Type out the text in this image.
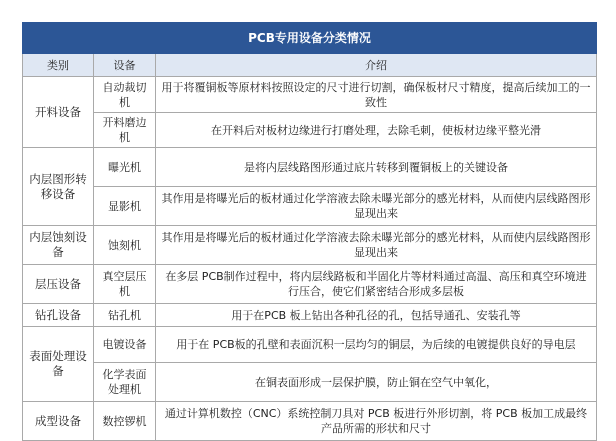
PCB专用设备分类情况		
类别	设备	介绍
开料设备	自动裁切机	用于将覆铜板等原材料按照设定的尺寸进行切割，确保板材尺寸精度，提高后续加工的一致性
	开料磨边机	在开料后对板材边缘进行打磨处理，去除毛刺，使板材边缘平整光滑
内层图形转移设备	曝光机	是将内层线路图形通过底片转移到覆铜板上的关键设备
	显影机	其作用是将曝光后的板材通过化学溶液去除未曝光部分的感光材料，从而使内层线路图形显现出来
内层蚀刻设备	蚀刻机	其作用是将曝光后的板材通过化学溶液去除未曝光部分的感光材料，从而使内层线路图形显现出来
层压设备	真空层压机	在多层 PCB制作过程中，将内层线路板和半固化片等材料通过高温、高压和真空环境进行压合，使它们紧密结合形成多层板
钻孔设备	钻孔机	用于在PCB 板上钻出各种孔径的孔，包括导通孔、安装孔等
表面处理设备	电镀设备	用于在 PCB板的孔壁和表面沉积一层均匀的铜层，为后续的电镀提供良好的导电层
	化学表面处理机	在铜表面形成一层保护膜，防止铜在空气中氧化，
成型设备	数控锣机	通过计算机数控（CNC）系统控制刀具对 PCB 板进行外形切割，将 PCB 板加工成最终产品所需的形状和尺寸
